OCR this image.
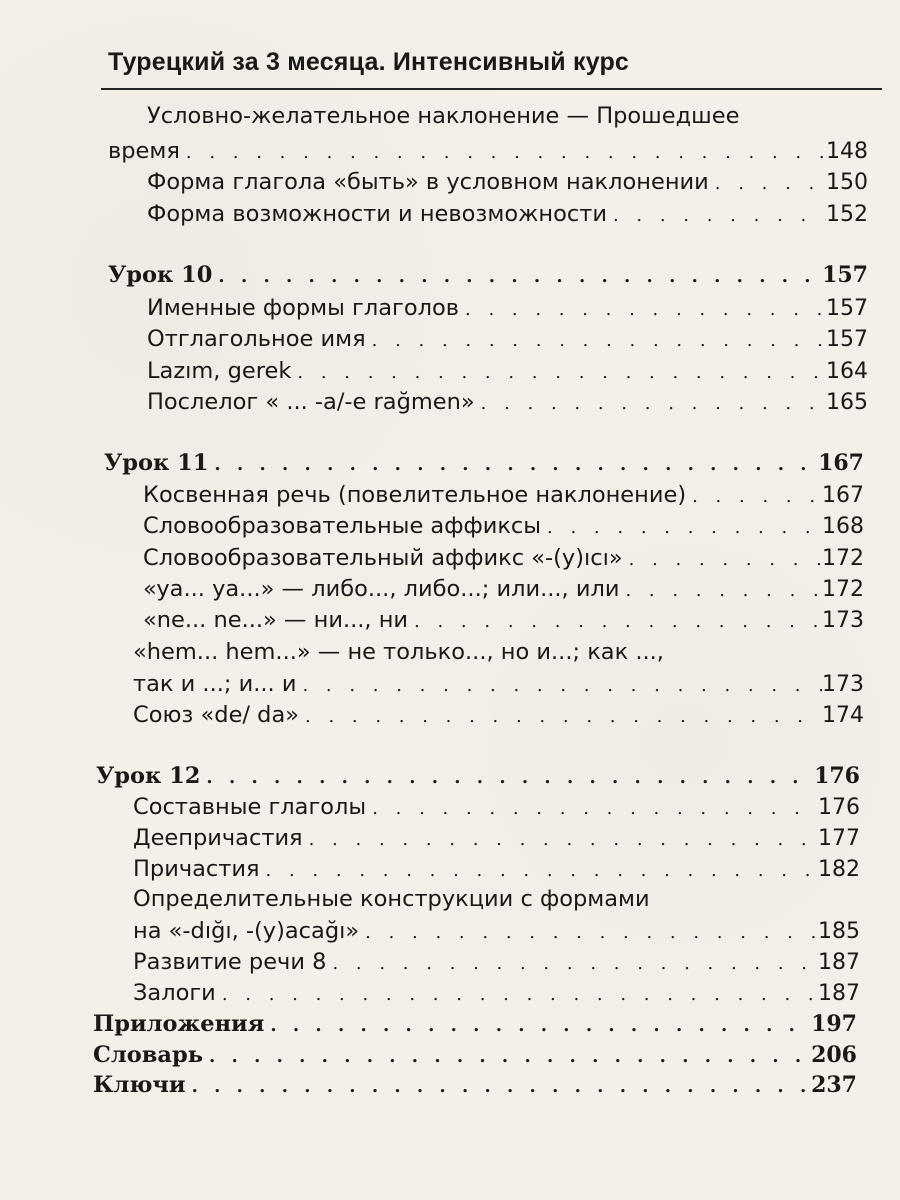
Турецкий за 3 месяца. Интенсивный курс
Условно-желательное наклонение — Прошедшее
время . . .	148
Форма глагола «быть» в условном наклонении . . .	150
Форма возможности и невозможности . . .	152
Урок 10 . . .	157
Именные формы глаголов . . .	157
Отглагольное имя . . .	157
Lazım, gerek . . .	164
Послелог « ... -a/-e rağmen» . . .	165
Урок 11 . . .	167
Косвенная речь (повелительное наклонение) . . .	167
Словообразовательные аффиксы . . .	168
Словообразовательный аффикс «-(y)ıcı» . . .	172
«ya... ya...» — либо..., либо...; или..., или . . .	172
«ne... ne...» — ни..., ни . . .	173
«hem... hem...» — не только..., но и...; как ...,
так и ...; и... и . . .	173
Союз «de/ da» . . .	174
Урок 12 . . .	176
Составные глаголы . . .	176
Деепричастия . . .	177
Причастия . . .	182
Определительные конструкции с формами
на «-dığı, -(y)acağı» . . .	185
Развитие речи 8 . . .	187
Залоги . . .	187
Приложения . . .	197
Словарь . . .	206
Ключи . . .	237
